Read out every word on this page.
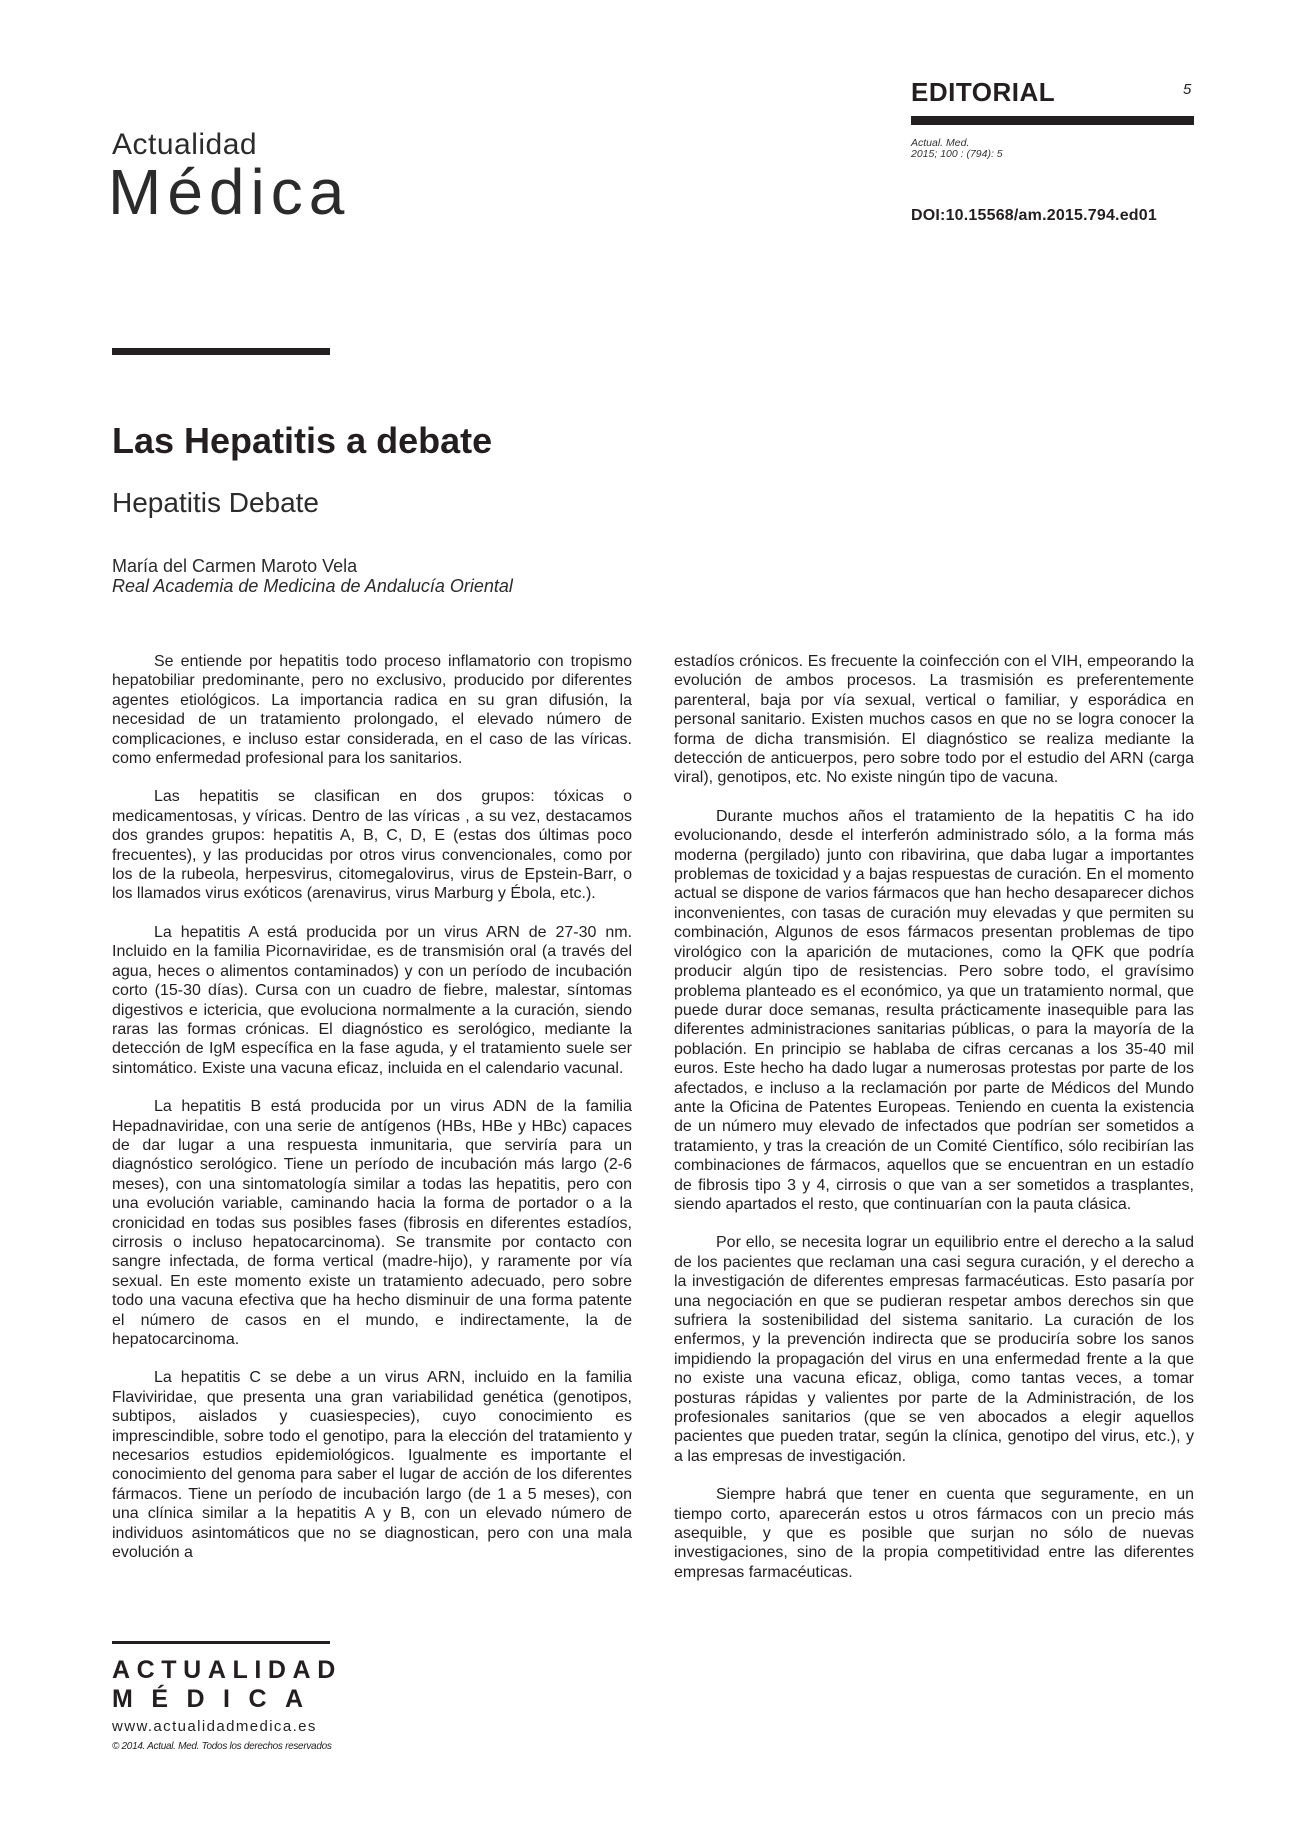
Actualidad
Médica
EDITORIAL	5
Actual. Med.
2015; 100 : (794): 5
DOI:10.15568/am.2015.794.ed01
Las Hepatitis a debate
Hepatitis Debate
María del Carmen Maroto Vela
Real Academia de Medicina de Andalucía Oriental

Se entiende por hepatitis todo proceso inflamatorio con tropismo hepatobiliar predominante, pero no exclusivo, producido por diferentes agentes etiológicos. La importancia radica en su gran difusión, la necesidad de un tratamiento prolongado, el elevado número de complicaciones, e incluso estar considerada, en el caso de las víricas. como enfermedad profesional para los sanitarios.

Las hepatitis se clasifican en dos grupos: tóxicas o medicamentosas, y víricas. Dentro de las víricas , a su vez, destacamos dos grandes grupos: hepatitis A, B, C, D, E (estas dos últimas poco frecuentes), y las producidas por otros virus convencionales, como por los de la rubeola, herpesvirus, citomegalovirus, virus de Epstein-Barr, o los llamados virus exóticos (arenavirus, virus Marburg y Ébola, etc.).

La hepatitis A está producida por un virus ARN de 27-30 nm. Incluido en la familia Picornaviridae, es de transmisión oral (a través del agua, heces o alimentos contaminados) y con un período de incubación corto (15-30 días). Cursa con un cuadro de fiebre, malestar, síntomas digestivos e ictericia, que evoluciona normalmente a la curación, siendo raras las formas crónicas. El diagnóstico es serológico, mediante la detección de IgM específica en la fase aguda, y el tratamiento suele ser sintomático. Existe una vacuna eficaz, incluida en el calendario vacunal.

La hepatitis B está producida por un virus ADN de la familia Hepadnaviridae, con una serie de antígenos (HBs, HBe y HBc) capaces de dar lugar a una respuesta inmunitaria, que serviría para un diagnóstico serológico. Tiene un período de incubación más largo (2-6 meses), con una sintomatología similar a todas las hepatitis, pero con una evolución variable, caminando hacia la forma de portador o a la cronicidad en todas sus posibles fases (fibrosis en diferentes estadíos, cirrosis o incluso hepatocarcinoma). Se transmite por contacto con sangre infectada, de forma vertical (madre-hijo), y raramente por vía sexual. En este momento existe un tratamiento adecuado, pero sobre todo una vacuna efectiva que ha hecho disminuir de una forma patente el número de casos en el mundo, e indirectamente, la de hepatocarcinoma.

La hepatitis C se debe a un virus ARN, incluido en la familia Flaviviridae, que presenta una gran variabilidad genética (genotipos, subtipos, aislados y cuasiespecies), cuyo conocimiento es imprescindible, sobre todo el genotipo, para la elección del tratamiento y necesarios estudios epidemiológicos. Igualmente es importante el conocimiento del genoma para saber el lugar de acción de los diferentes fármacos. Tiene un período de incubación largo (de 1 a 5 meses), con una clínica similar a la hepatitis A y B, con un elevado número de individuos asintomáticos que no se diagnostican, pero con una mala evolución a

estadíos crónicos. Es frecuente la coinfección con el VIH, empeorando la evolución de ambos procesos. La trasmisión es preferentemente parenteral, baja por vía sexual, vertical o familiar, y esporádica en personal sanitario. Existen muchos casos en que no se logra conocer la forma de dicha transmisión. El diagnóstico se realiza mediante la detección de anticuerpos, pero sobre todo por el estudio del ARN (carga viral), genotipos, etc. No existe ningún tipo de vacuna.

Durante muchos años el tratamiento de la hepatitis C ha ido evolucionando, desde el interferón administrado sólo, a la forma más moderna (pergilado) junto con ribavirina, que daba lugar a importantes problemas de toxicidad y a bajas respuestas de curación. En el momento actual se dispone de varios fármacos que han hecho desaparecer dichos inconvenientes, con tasas de curación muy elevadas y que permiten su combinación, Algunos de esos fármacos presentan problemas de tipo virológico con la aparición de mutaciones, como la QFK que podría producir algún tipo de resistencias. Pero sobre todo, el gravísimo problema planteado es el económico, ya que un tratamiento normal, que puede durar doce semanas, resulta prácticamente inasequible para las diferentes administraciones sanitarias públicas, o para la mayoría de la población. En principio se hablaba de cifras cercanas a los 35-40 mil euros. Este hecho ha dado lugar a numerosas protestas por parte de los afectados, e incluso a la reclamación por parte de Médicos del Mundo ante la Oficina de Patentes Europeas. Teniendo en cuenta la existencia de un número muy elevado de infectados que podrían ser sometidos a tratamiento, y tras la creación de un Comité Científico, sólo recibirían las combinaciones de fármacos, aquellos que se encuentran en un estadío de fibrosis tipo 3 y 4, cirrosis o que van a ser sometidos a trasplantes, siendo apartados el resto, que continuarían con la pauta clásica.

Por ello, se necesita lograr un equilibrio entre el derecho a la salud de los pacientes que reclaman una casi segura curación, y el derecho a la investigación de diferentes empresas farmacéuticas. Esto pasaría por una negociación en que se pudieran respetar ambos derechos sin que sufriera la sostenibilidad del sistema sanitario. La curación de los enfermos, y la prevención indirecta que se produciría sobre los sanos impidiendo la propagación del virus en una enfermedad frente a la que no existe una vacuna eficaz, obliga, como tantas veces, a tomar posturas rápidas y valientes por parte de la Administración, de los profesionales sanitarios (que se ven abocados a elegir aquellos pacientes que pueden tratar, según la clínica, genotipo del virus, etc.), y a las empresas de investigación.

Siempre habrá que tener en cuenta que seguramente, en un tiempo corto, aparecerán estos u otros fármacos con un precio más asequible, y que es posible que surjan no sólo de nuevas investigaciones, sino de la propia competitividad entre las diferentes empresas farmacéuticas.

ACTUALIDAD
MÉDICA
www.actualidadmedica.es
© 2014. Actual. Med. Todos los derechos reservados
